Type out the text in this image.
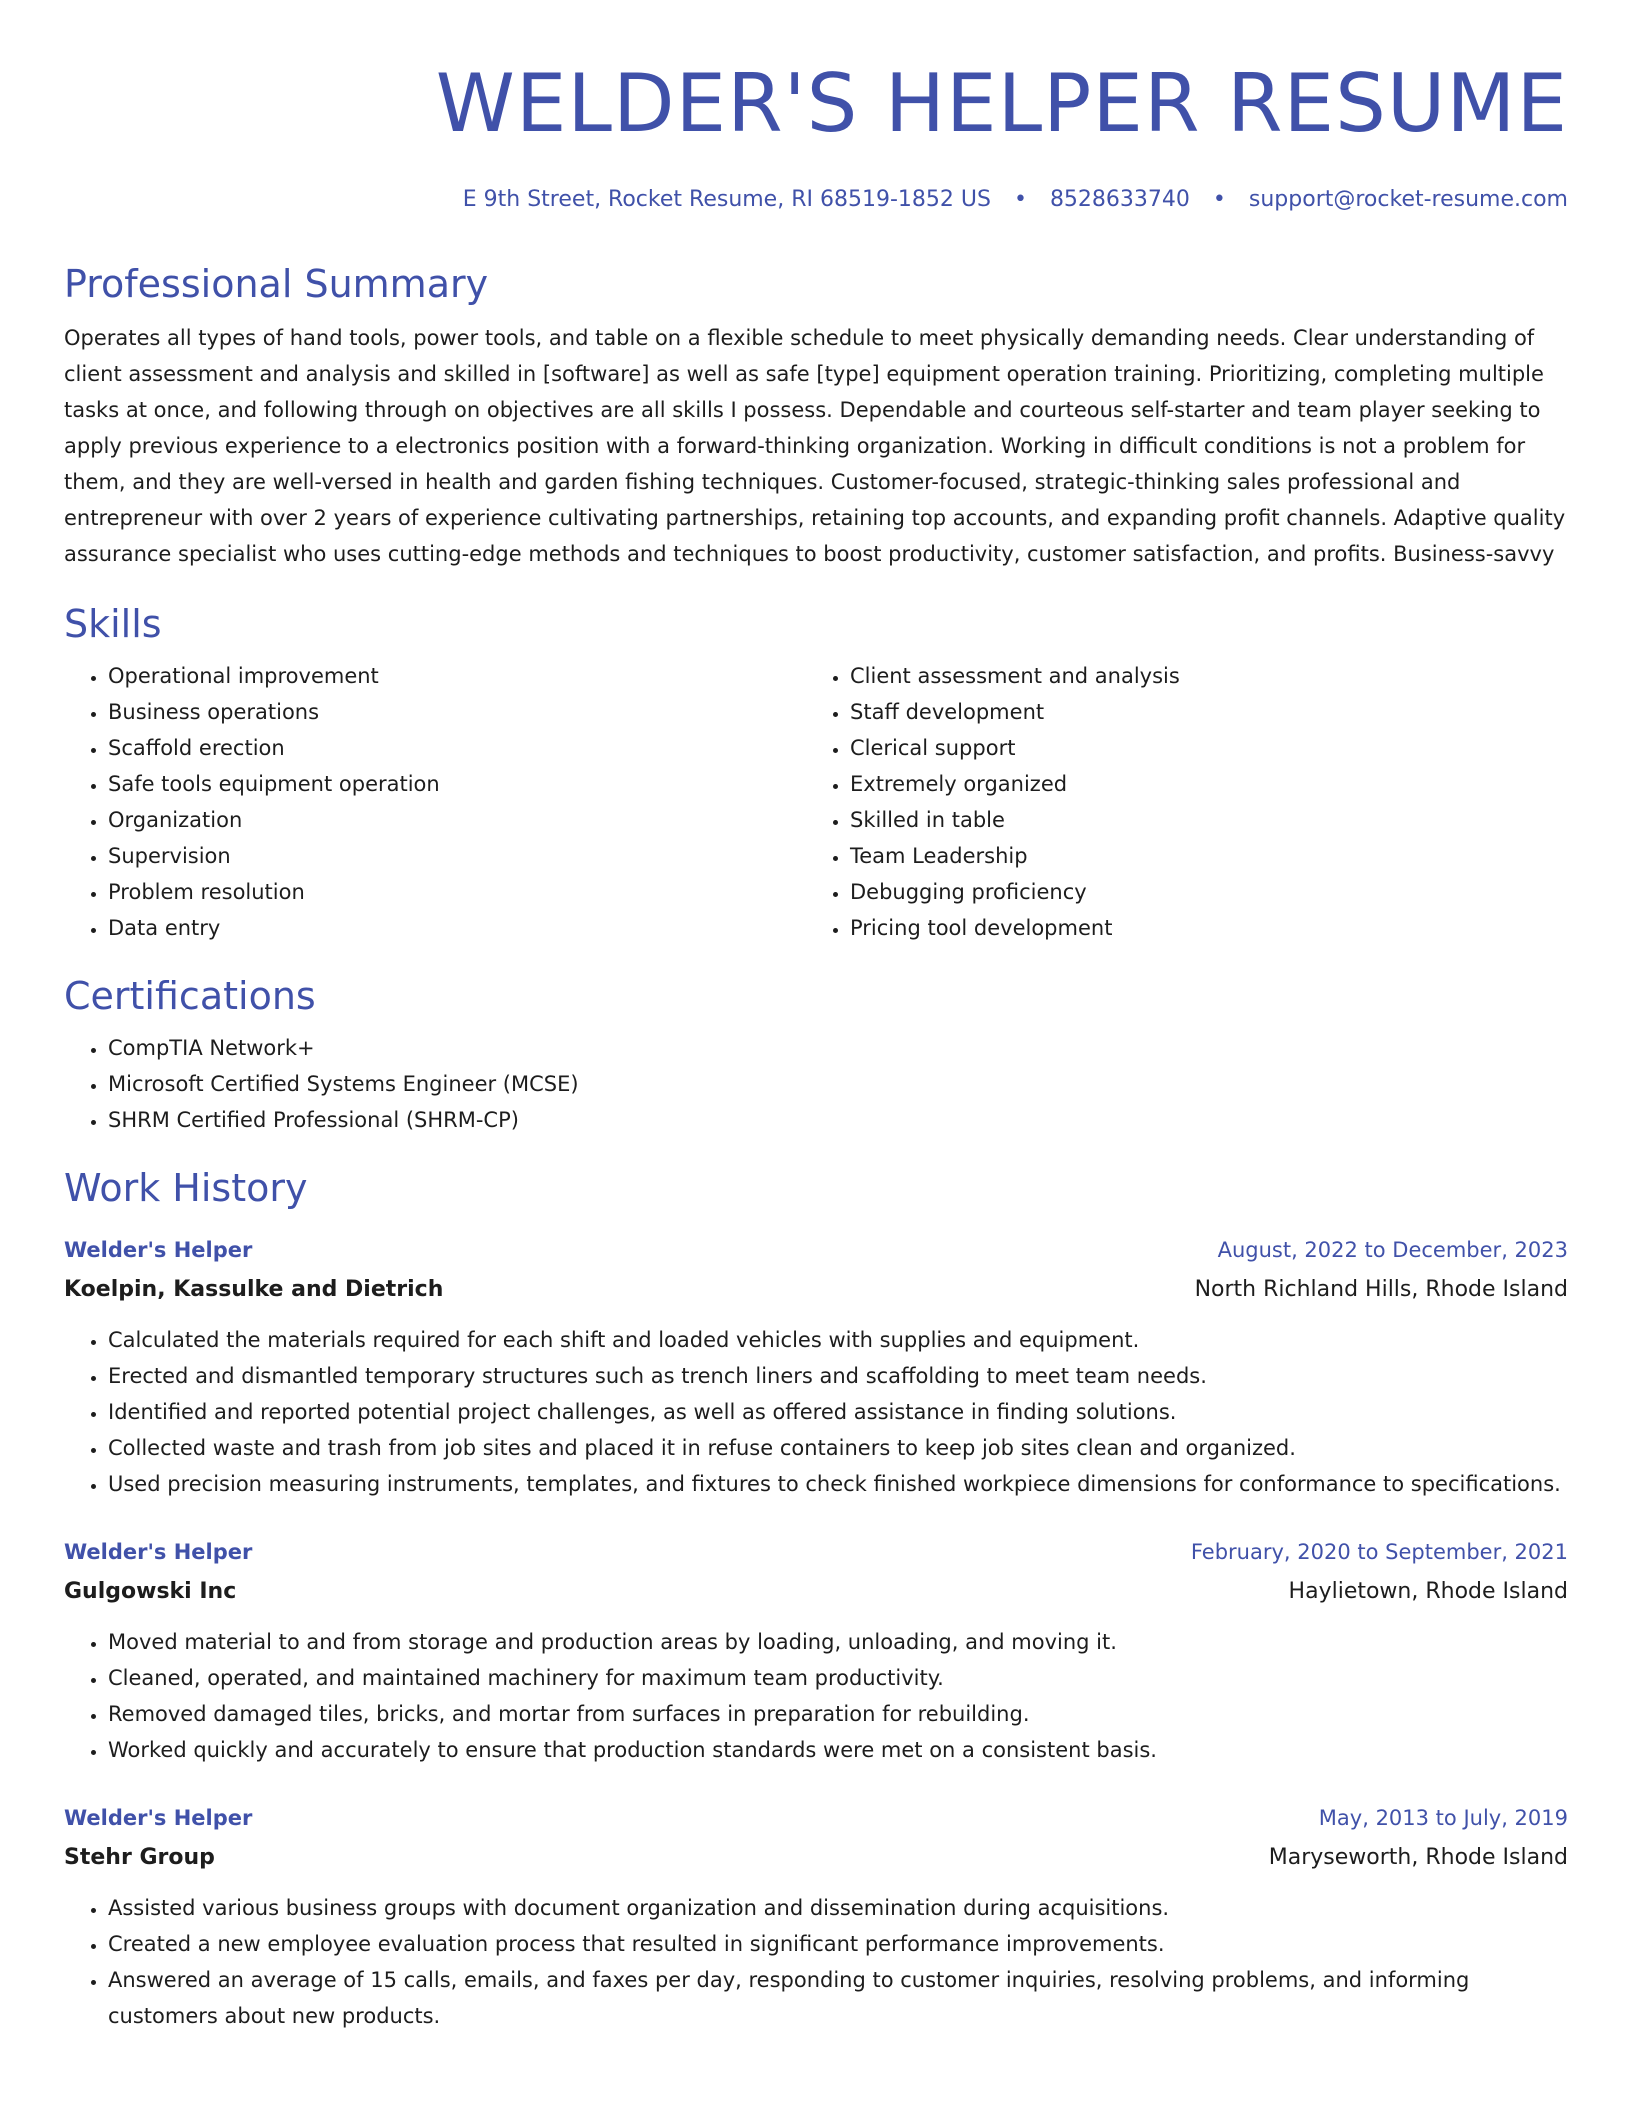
WELDER'S HELPER RESUME
E 9th Street, Rocket Resume, RI 68519-1852 US • 8528633740 • support@rocket-resume.com
Professional Summary

Operates all types of hand tools, power tools, and table on a flexible schedule to meet physically demanding needs. Clear understanding of client assessment and analysis and skilled in [software] as well as safe [type] equipment operation training. Prioritizing, completing multiple tasks at once, and following through on objectives are all skills I possess. Dependable and courteous self-starter and team player seeking to apply previous experience to a electronics position with a forward-thinking organization. Working in difficult conditions is not a problem for them, and they are well-versed in health and garden fishing techniques. Customer-focused, strategic-thinking sales professional and entrepreneur with over 2 years of experience cultivating partnerships, retaining top accounts, and expanding profit channels. Adaptive quality assurance specialist who uses cutting-edge methods and techniques to boost productivity, customer satisfaction, and profits. Business-savvy

Skills
• Operational improvement
• Business operations
• Scaffold erection
• Safe tools equipment operation
• Organization
• Supervision
• Problem resolution
• Data entry
• Client assessment and analysis
• Staff development
• Clerical support
• Extremely organized
• Skilled in table
• Team Leadership
• Debugging proficiency
• Pricing tool development
Certifications
• CompTIA Network+
• Microsoft Certified Systems Engineer (MCSE)
• SHRM Certified Professional (SHRM-CP)
Work History
Welder's Helper	August, 2022 to December, 2023
Koelpin, Kassulke and Dietrich	North Richland Hills, Rhode Island
• Calculated the materials required for each shift and loaded vehicles with supplies and equipment.
• Erected and dismantled temporary structures such as trench liners and scaffolding to meet team needs.
• Identified and reported potential project challenges, as well as offered assistance in finding solutions.
• Collected waste and trash from job sites and placed it in refuse containers to keep job sites clean and organized.
• Used precision measuring instruments, templates, and fixtures to check finished workpiece dimensions for conformance to specifications.
Welder's Helper	February, 2020 to September, 2021
Gulgowski Inc	Haylietown, Rhode Island
• Moved material to and from storage and production areas by loading, unloading, and moving it.
• Cleaned, operated, and maintained machinery for maximum team productivity.
• Removed damaged tiles, bricks, and mortar from surfaces in preparation for rebuilding.
• Worked quickly and accurately to ensure that production standards were met on a consistent basis.
Welder's Helper	May, 2013 to July, 2019
Stehr Group	Maryseworth, Rhode Island
• Assisted various business groups with document organization and dissemination during acquisitions.
• Created a new employee evaluation process that resulted in significant performance improvements.
• Answered an average of 15 calls, emails, and faxes per day, responding to customer inquiries, resolving problems, and informing customers about new products.
